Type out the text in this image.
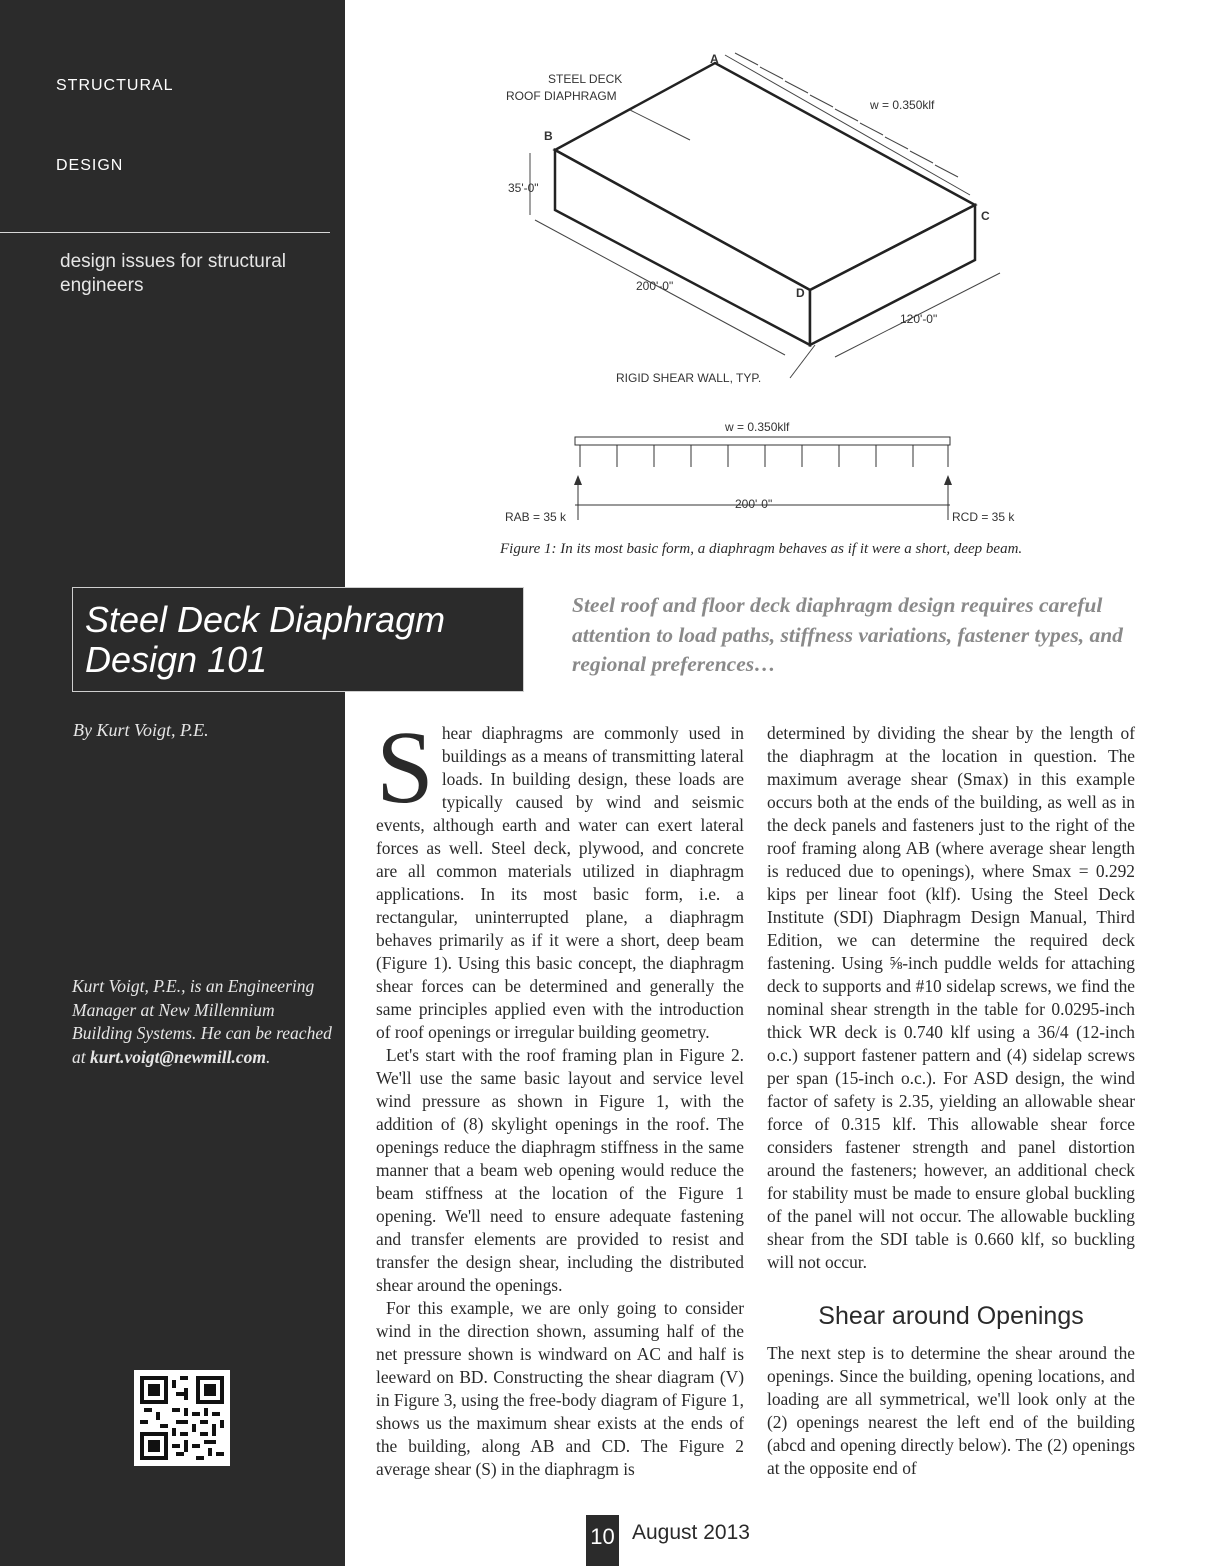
STRUCTURAL
DESIGN
design issues for structural engineers
Steel Deck Diaphragm Design 101
By Kurt Voigt, P.E.
Kurt Voigt, P.E., is an Engineering Manager at New Millennium Building Systems. He can be reached at kurt.voigt@newmill.com.
STEEL DECK
ROOF DIAPHRAGM
A
B
C
D
w = 0.350klf
35'-0"
200'-0"
120'-0"
RIGID SHEAR WALL, TYP.
w = 0.350klf
200'-0"
RAB = 35 k	RCD = 35 k
Figure 1: In its most basic form, a diaphragm behaves as if it were a short, deep beam.
Steel roof and floor deck diaphragm design requires careful attention to load paths, stiffness variations, fastener types, and regional preferences…
S hear diaphragms are commonly used in buildings as a means of transmitting lateral loads. In building design, these loads are typically caused by wind and seismic events, although earth and water can exert lateral forces as well. Steel deck, plywood, and concrete are all common materials utilized in diaphragm applications. In its most basic form, i.e. a rectangular, uninterrupted plane, a diaphragm behaves primarily as if it were a short, deep beam (Figure 1). Using this basic concept, the diaphragm shear forces can be determined and generally the same principles applied even with the introduction of roof openings or irregular building geometry.

Let's start with the roof framing plan in Figure 2. We'll use the same basic layout and service level wind pressure as shown in Figure 1, with the addition of (8) skylight openings in the roof. The openings reduce the diaphragm stiffness in the same manner that a beam web opening would reduce the beam stiffness at the location of the Figure 1 opening. We'll need to ensure adequate fastening and transfer elements are provided to resist and transfer the design shear, including the distributed shear around the openings.

For this example, we are only going to consider wind in the direction shown, assuming half of the net pressure shown is windward on AC and half is leeward on BD. Constructing the shear diagram (V) in Figure 3, using the free-body diagram of Figure 1, shows us the maximum shear exists at the ends of the building, along AB and CD. The Figure 2 average shear (S) in the diaphragm is

determined by dividing the shear by the length of the diaphragm at the location in question. The maximum average shear (Smax) in this example occurs both at the ends of the building, as well as in the deck panels and fasteners just to the right of the roof framing along AB (where average shear length is reduced due to openings), where Smax = 0.292 kips per linear foot (klf). Using the Steel Deck Institute (SDI) Diaphragm Design Manual, Third Edition, we can determine the required deck fastening. Using ⅝-inch puddle welds for attaching deck to supports and #10 sidelap screws, we find the nominal shear strength in the table for 0.0295-inch thick WR deck is 0.740 klf using a 36/4 (12-inch o.c.) support fastener pattern and (4) sidelap screws per span (15-inch o.c.). For ASD design, the wind factor of safety is 2.35, yielding an allowable shear force of 0.315 klf. This allowable shear force considers fastener strength and panel distortion around the fasteners; however, an additional check for stability must be made to ensure global buckling of the panel will not occur. The allowable buckling shear from the SDI table is 0.660 klf, so buckling will not occur.

Shear around Openings

The next step is to determine the shear around the openings. Since the building, opening locations, and loading are all symmetrical, we'll look only at the (2) openings nearest the left end of the building (abcd and opening directly below). The (2) openings at the opposite end of

10 August 2013
